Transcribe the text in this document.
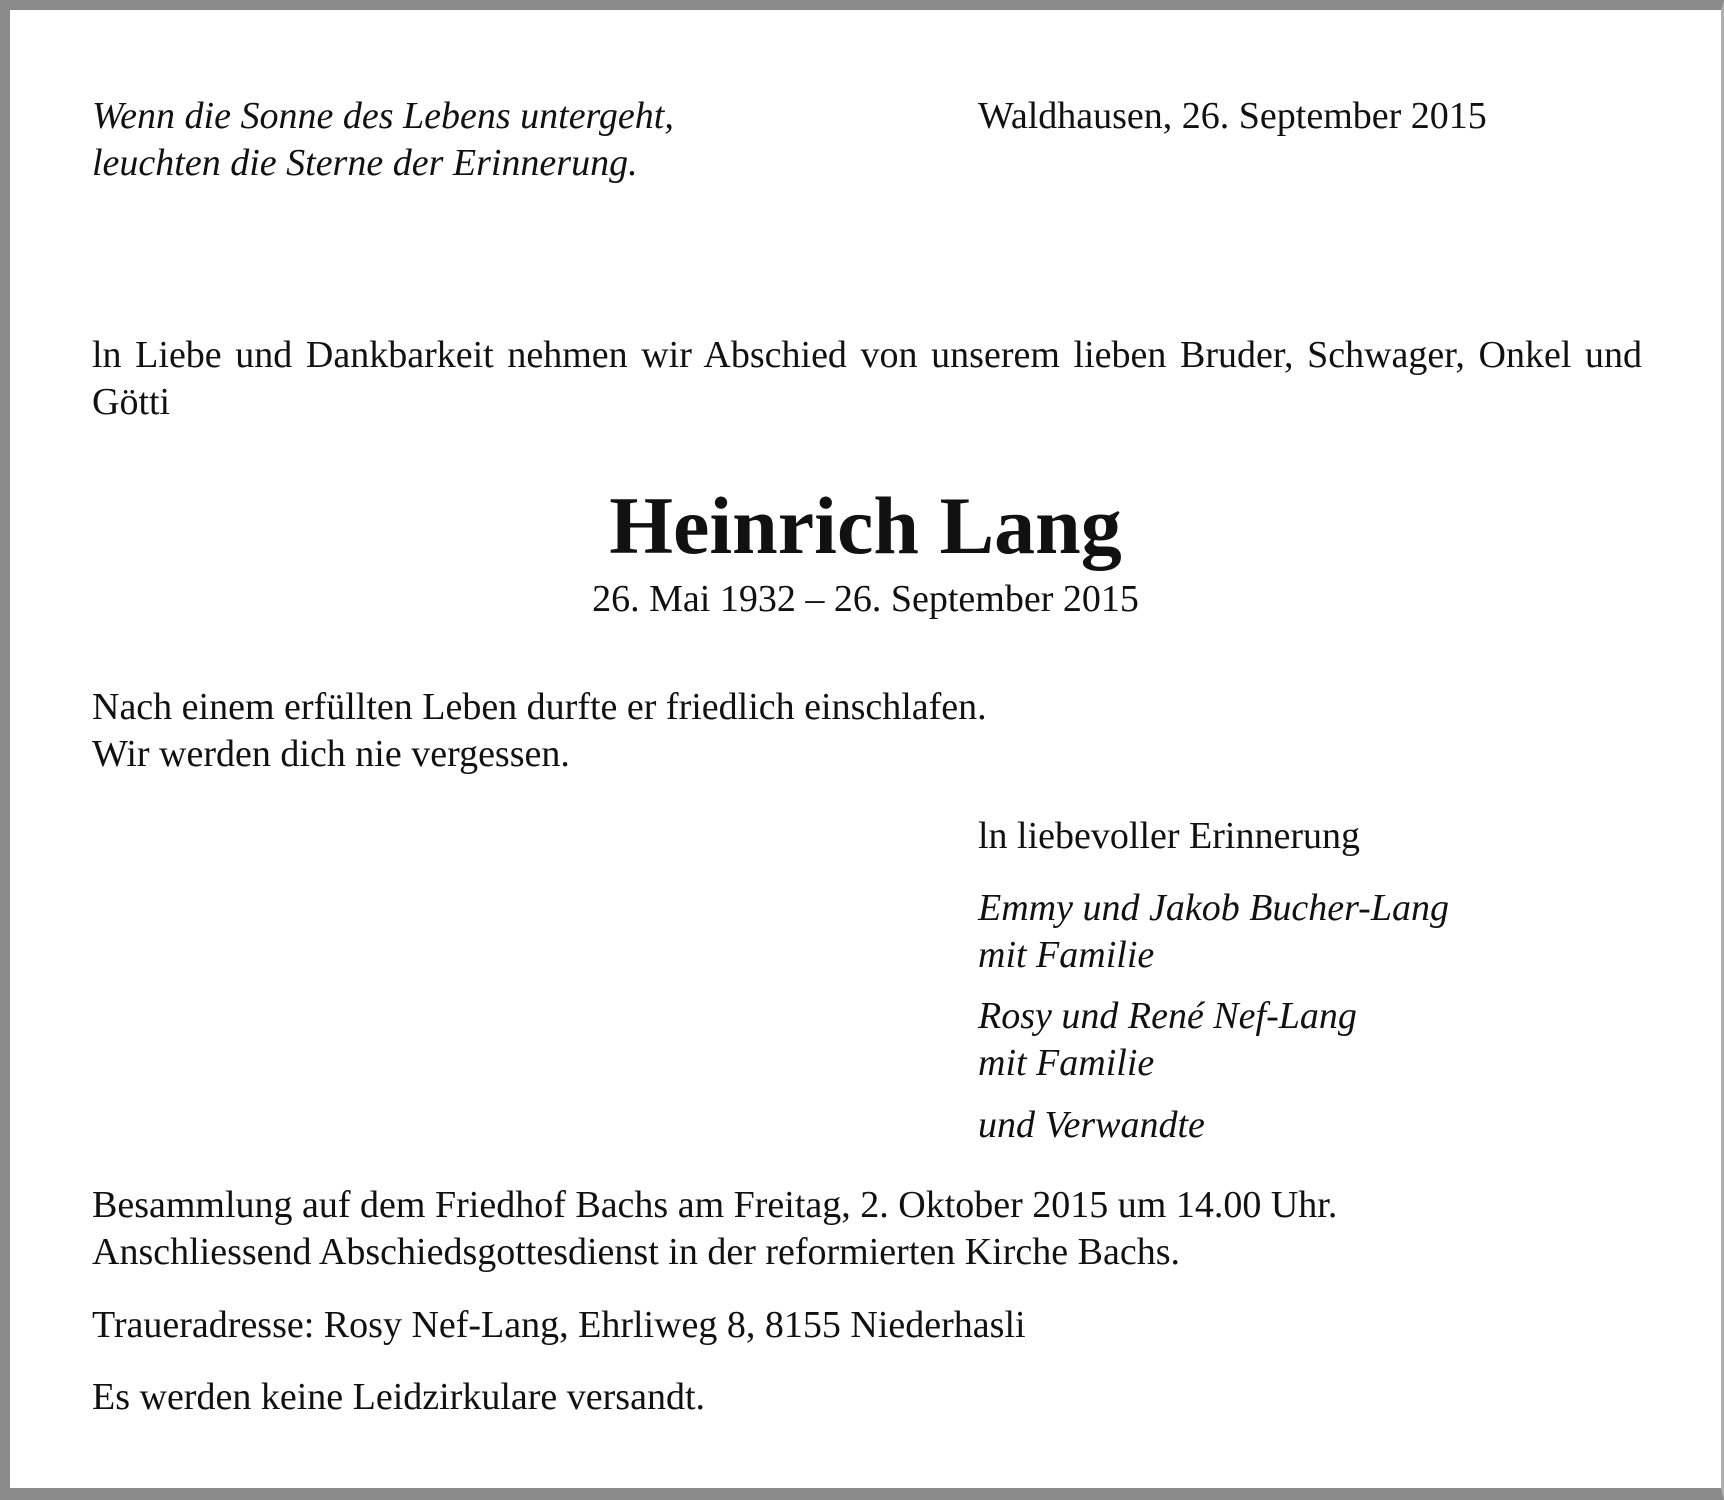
Wenn die Sonne des Lebens untergeht,
leuchten die Sterne der Erinnerung.

Waldhausen, 26. September 2015

ln Liebe und Dankbarkeit nehmen wir Abschied von unserem lieben Bruder, Schwager, Onkel und Götti

Heinrich Lang

26. Mai 1932 – 26. September 2015

Nach einem erfüllten Leben durfte er friedlich einschlafen.
Wir werden dich nie vergessen.

ln liebevoller Erinnerung

Emmy und Jakob Bucher-Lang
mit Familie

Rosy und René Nef-Lang
mit Familie

und Verwandte

Besammlung auf dem Friedhof Bachs am Freitag, 2. Oktober 2015 um 14.00 Uhr.
Anschliessend Abschiedsgottesdienst in der reformierten Kirche Bachs.

Traueradresse: Rosy Nef-Lang, Ehrliweg 8, 8155 Niederhasli

Es werden keine Leidzirkulare versandt.
